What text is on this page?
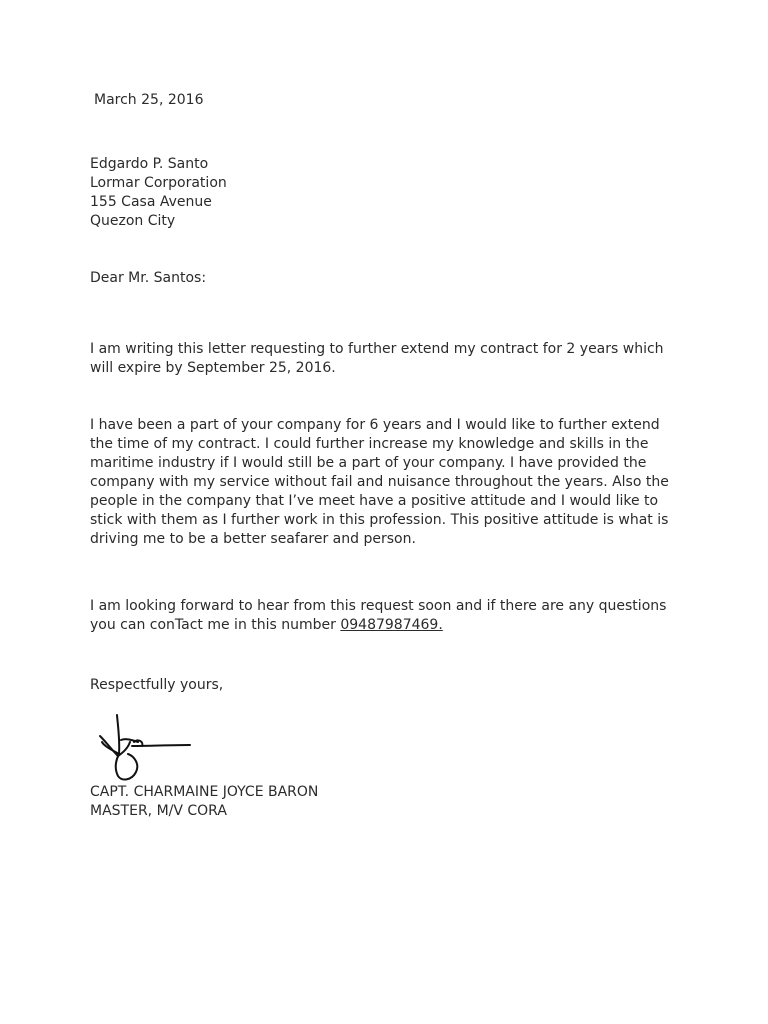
March 25, 2016
Edgardo P. Santo
Lormar Corporation
155 Casa Avenue
Quezon City
Dear Mr. Santos:

I am writing this letter requesting to further extend my contract for 2 years which will expire by September 25, 2016.

I have been a part of your company for 6 years and I would like to further extend the time of my contract. I could further increase my knowledge and skills in the maritime industry if I would still be a part of your company. I have provided the company with my service without fail and nuisance throughout the years. Also the people in the company that I’ve meet have a positive attitude and I would like to stick with them as I further work in this profession. This positive attitude is what is driving me to be a better seafarer and person.

I am looking forward to hear from this request soon and if there are any questions you can conTact me in this number 09487987469.

Respectfully yours,
CAPT. CHARMAINE JOYCE BARON
MASTER, M/V CORA
